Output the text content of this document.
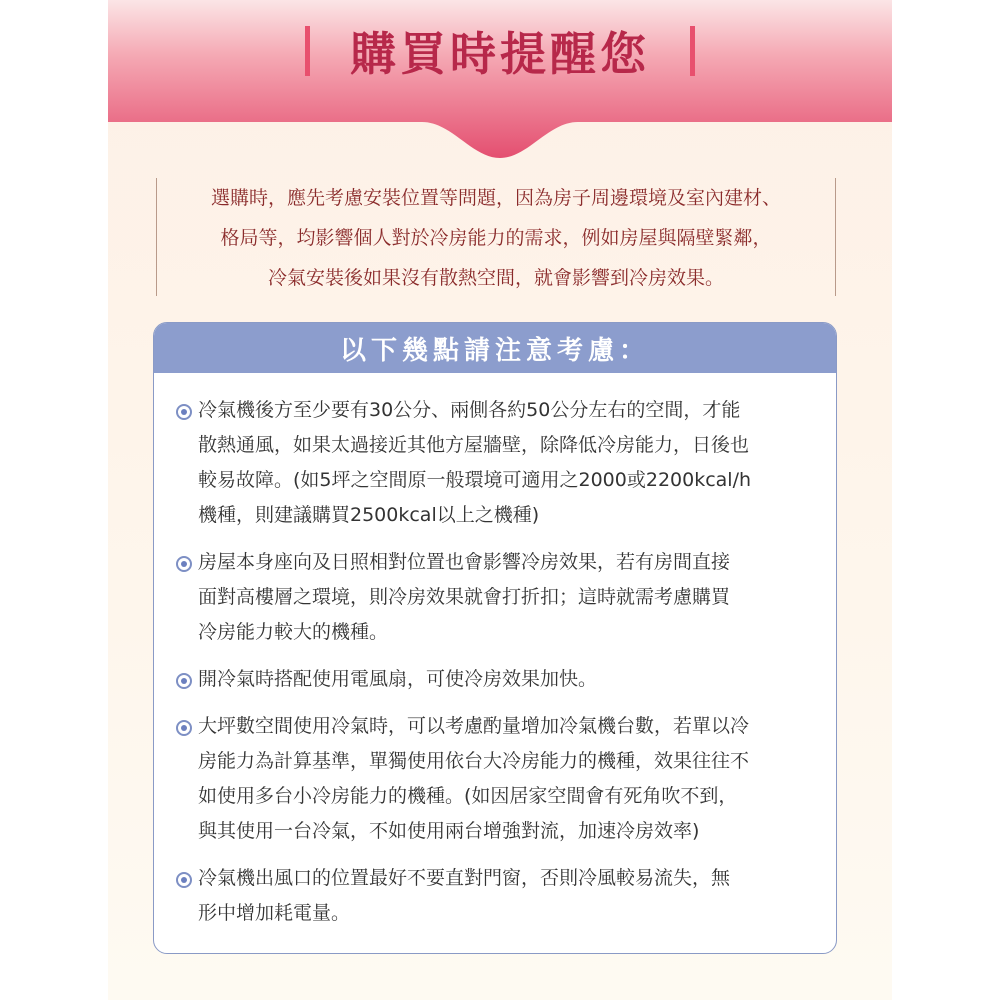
購買時提醒您
選購時，應先考慮安裝位置等問題，因為房子周邊環境及室內建材、
格局等，均影響個人對於冷房能力的需求，例如房屋與隔壁緊鄰，
冷氣安裝後如果沒有散熱空間，就會影響到冷房效果。
以下幾點請注意考慮：
冷氣機後方至少要有30公分、兩側各約50公分左右的空間，才能
散熱通風，如果太過接近其他方屋牆壁，除降低冷房能力，日後也
較易故障。(如5坪之空間原一般環境可適用之2000或2200kcal/h
機種，則建議購買2500kcal以上之機種)
房屋本身座向及日照相對位置也會影響冷房效果，若有房間直接
面對高樓層之環境，則冷房效果就會打折扣；這時就需考慮購買
冷房能力較大的機種。
開冷氣時搭配使用電風扇，可使冷房效果加快。
大坪數空間使用冷氣時，可以考慮酌量增加冷氣機台數，若單以冷
房能力為計算基準，單獨使用依台大冷房能力的機種，效果往往不
如使用多台小冷房能力的機種。(如因居家空間會有死角吹不到，
與其使用一台冷氣，不如使用兩台增強對流，加速冷房效率)
冷氣機出風口的位置最好不要直對門窗，否則冷風較易流失，無
形中增加耗電量。
